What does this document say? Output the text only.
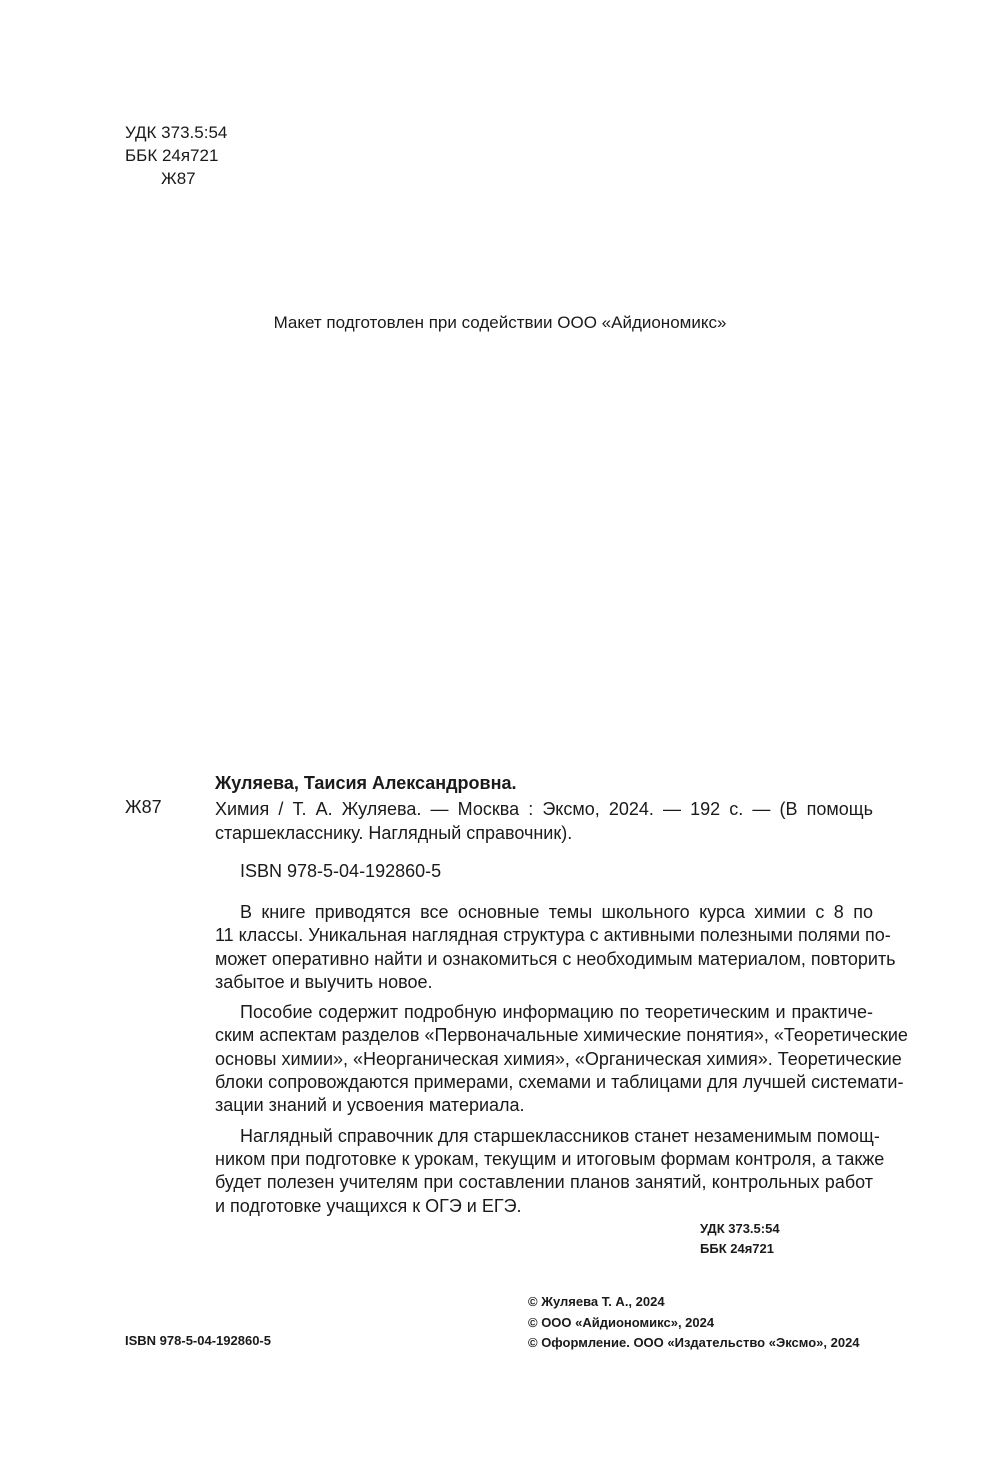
УДК 373.5:54
ББК 24я721
Ж87
Макет подготовлен при содействии ООО «Айдиономикс»
Жуляева, Таисия Александровна.
Ж87	Химия / Т. А. Жуляева. — Москва : Эксмо, 2024. — 192 с. — (В помощь
старшекласснику. Наглядный справочник).
ISBN 978-5-04-192860-5
В книге приводятся все основные темы школьного курса химии с 8 по
11 классы. Уникальная наглядная структура с активными полезными полями по-
может оперативно найти и ознакомиться с необходимым материалом, повторить
забытое и выучить новое.
Пособие содержит подробную информацию по теоретическим и практиче-
ским аспектам разделов «Первоначальные химические понятия», «Теоретические
основы химии», «Неорганическая химия», «Органическая химия». Теоретические
блоки сопровождаются примерами, схемами и таблицами для лучшей системати-
зации знаний и усвоения материала.
Наглядный справочник для старшеклассников станет незаменимым помощ-
ником при подготовке к урокам, текущим и итоговым формам контроля, а также
будет полезен учителям при составлении планов занятий, контрольных работ
и подготовке учащихся к ОГЭ и ЕГЭ.
УДК 373.5:54
ББК 24я721
© Жуляева Т. А., 2024
© ООО «Айдиономикс», 2024
© Оформление. ООО «Издательство «Эксмо», 2024
ISBN 978-5-04-192860-5
